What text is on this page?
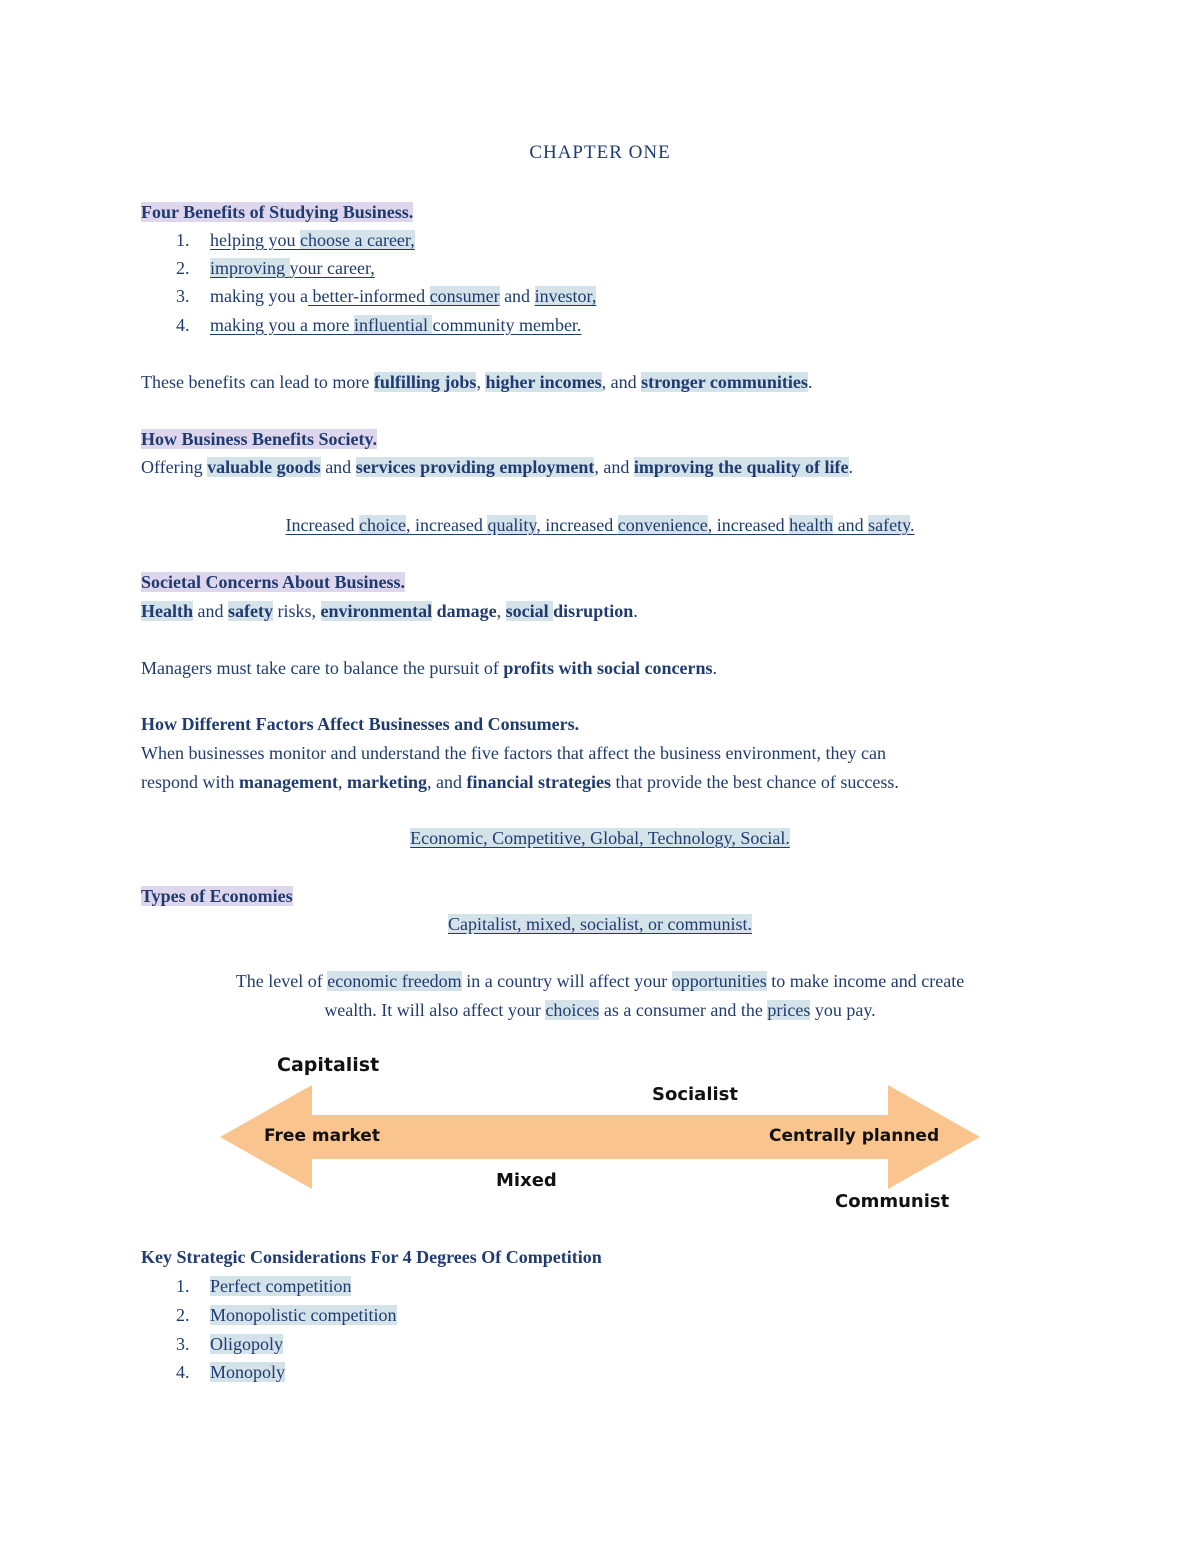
CHAPTER ONE
Four Benefits of Studying Business.
1. helping you choose a career,
2. improving your career,
3. making you a better-informed consumer and investor,
4. making you a more influential community member.
These benefits can lead to more fulfilling jobs, higher incomes, and stronger communities.
How Business Benefits Society.
Offering valuable goods and services providing employment, and improving the quality of life.
Increased choice, increased quality, increased convenience, increased health and safety.
Societal Concerns About Business.
Health and safety risks, environmental damage, social disruption.
Managers must take care to balance the pursuit of profits with social concerns.
How Different Factors Affect Businesses and Consumers.
When businesses monitor and understand the five factors that affect the business environment, they can
respond with management, marketing, and financial strategies that provide the best chance of success.
Economic, Competitive, Global, Technology, Social.
Types of Economies
Capitalist, mixed, socialist, or communist.
The level of economic freedom in a country will affect your opportunities to make income and create
wealth. It will also affect your choices as a consumer and the prices you pay.
Capitalist
Socialist
Free market	Centrally planned
Mixed
Communist
Key Strategic Considerations For 4 Degrees Of Competition
1. Perfect competition
2. Monopolistic competition
3. Oligopoly
4. Monopoly
